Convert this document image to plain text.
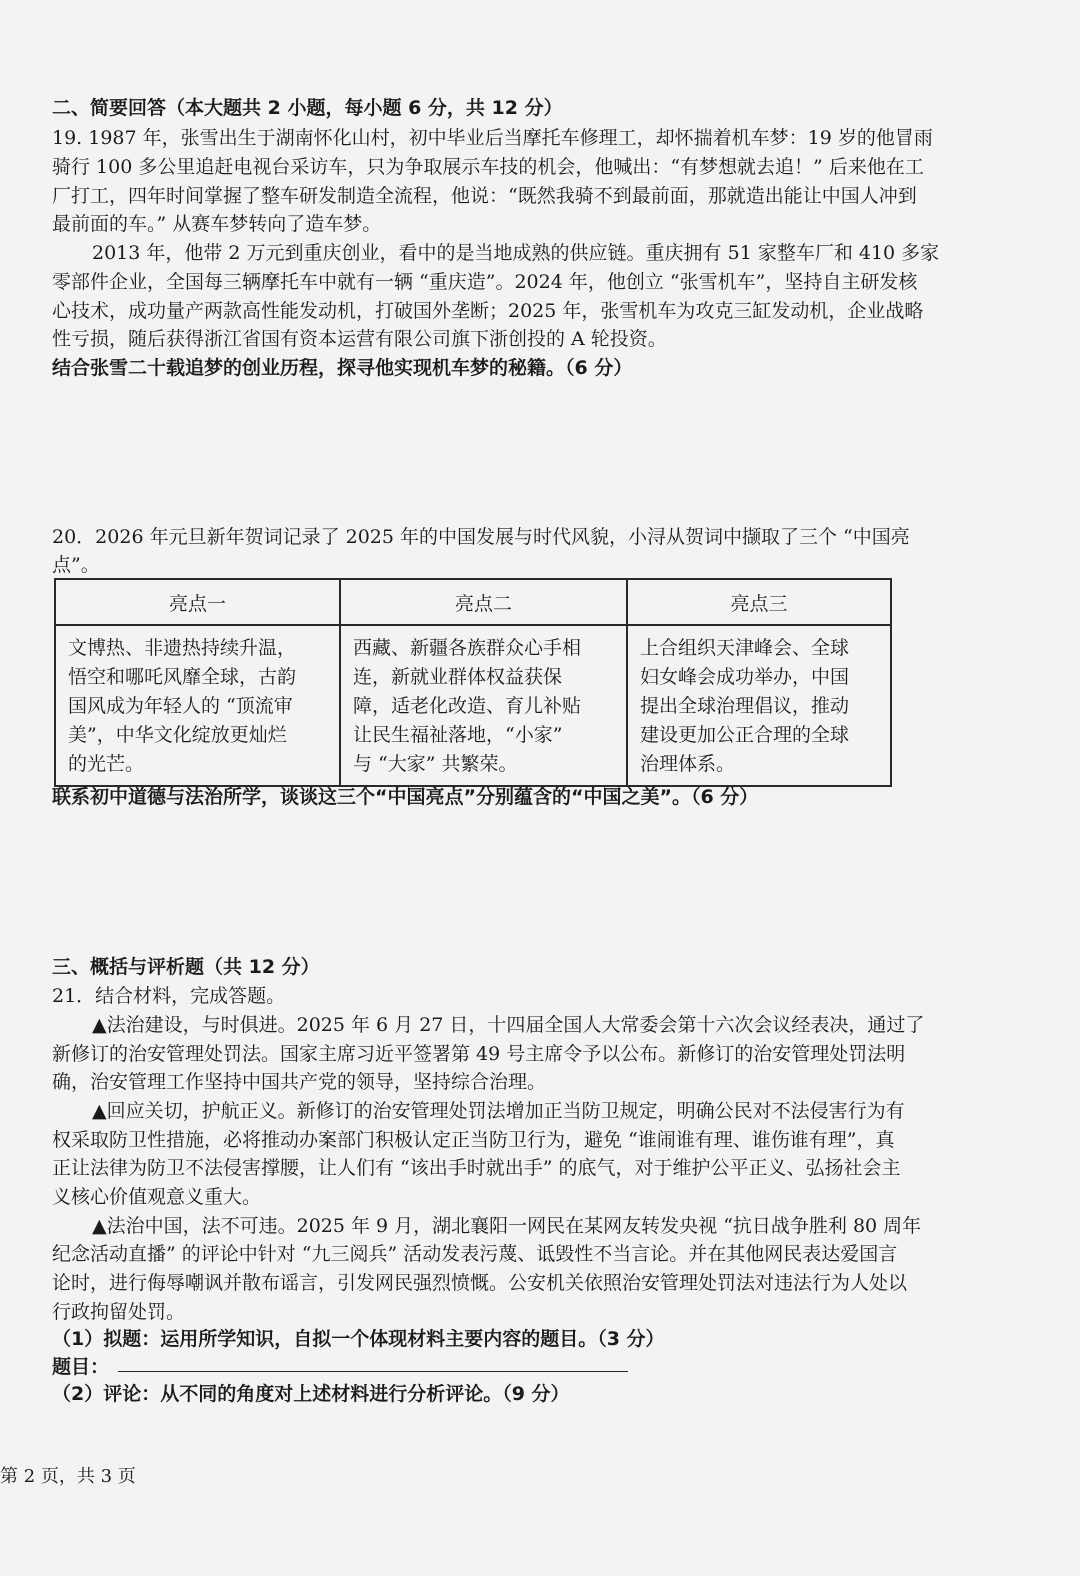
二、简要回答（本大题共 2 小题，每小题 6 分，共 12 分）
19. 1987 年，张雪出生于湖南怀化山村，初中毕业后当摩托车修理工，却怀揣着机车梦：19 岁的他冒雨
骑行 100 多公里追赶电视台采访车，只为争取展示车技的机会，他喊出：“有梦想就去追！” 后来他在工
厂打工，四年时间掌握了整车研发制造全流程，他说：“既然我骑不到最前面，那就造出能让中国人冲到
最前面的车。” 从赛车梦转向了造车梦。
2013 年，他带 2 万元到重庆创业，看中的是当地成熟的供应链。重庆拥有 51 家整车厂和 410 多家
零部件企业，全国每三辆摩托车中就有一辆 “重庆造”。2024 年，他创立 “张雪机车”，坚持自主研发核
心技术，成功量产两款高性能发动机，打破国外垄断；2025 年，张雪机车为攻克三缸发动机，企业战略
性亏损，随后获得浙江省国有资本运营有限公司旗下浙创投的 A 轮投资。
结合张雪二十载追梦的创业历程，探寻他实现机车梦的秘籍。（6 分）
20．2026 年元旦新年贺词记录了 2025 年的中国发展与时代风貌，小浔从贺词中撷取了三个 “中国亮
点”。
亮点一	亮点二	亮点三

文博热、非遗热持续升温，
悟空和哪吒风靡全球，古韵
国风成为年轻人的 “顶流审
美”，中华文化绽放更灿烂
的光芒。	西藏、新疆各族群众心手相
连，新就业群体权益获保
障，适老化改造、育儿补贴
让民生福祉落地，“小家”
与 “大家” 共繁荣。	上合组织天津峰会、全球
妇女峰会成功举办，中国
提出全球治理倡议，推动
建设更加公正合理的全球
治理体系。
联系初中道德与法治所学，谈谈这三个“中国亮点”分别蕴含的“中国之美”。（6 分）
三、概括与评析题（共 12 分）
21．结合材料，完成答题。
▲法治建设，与时俱进。2025 年 6 月 27 日，十四届全国人大常委会第十六次会议经表决，通过了
新修订的治安管理处罚法。国家主席习近平签署第 49 号主席令予以公布。新修订的治安管理处罚法明
确，治安管理工作坚持中国共产党的领导，坚持综合治理。
▲回应关切，护航正义。新修订的治安管理处罚法增加正当防卫规定，明确公民对不法侵害行为有
权采取防卫性措施，必将推动办案部门积极认定正当防卫行为，避免 “谁闹谁有理、谁伤谁有理”，真
正让法律为防卫不法侵害撑腰，让人们有 “该出手时就出手” 的底气，对于维护公平正义、弘扬社会主
义核心价值观意义重大。
▲法治中国，法不可违。2025 年 9 月，湖北襄阳一网民在某网友转发央视 “抗日战争胜利 80 周年
纪念活动直播” 的评论中针对 “九三阅兵” 活动发表污蔑、诋毁性不当言论。并在其他网民表达爱国言
论时，进行侮辱嘲讽并散布谣言，引发网民强烈愤慨。公安机关依照治安管理处罚法对违法行为人处以
行政拘留处罚。
（1）拟题：运用所学知识，自拟一个体现材料主要内容的题目。（3 分）
题目：
（2）评论：从不同的角度对上述材料进行分析评论。（9 分）
第 2 页，共 3 页
